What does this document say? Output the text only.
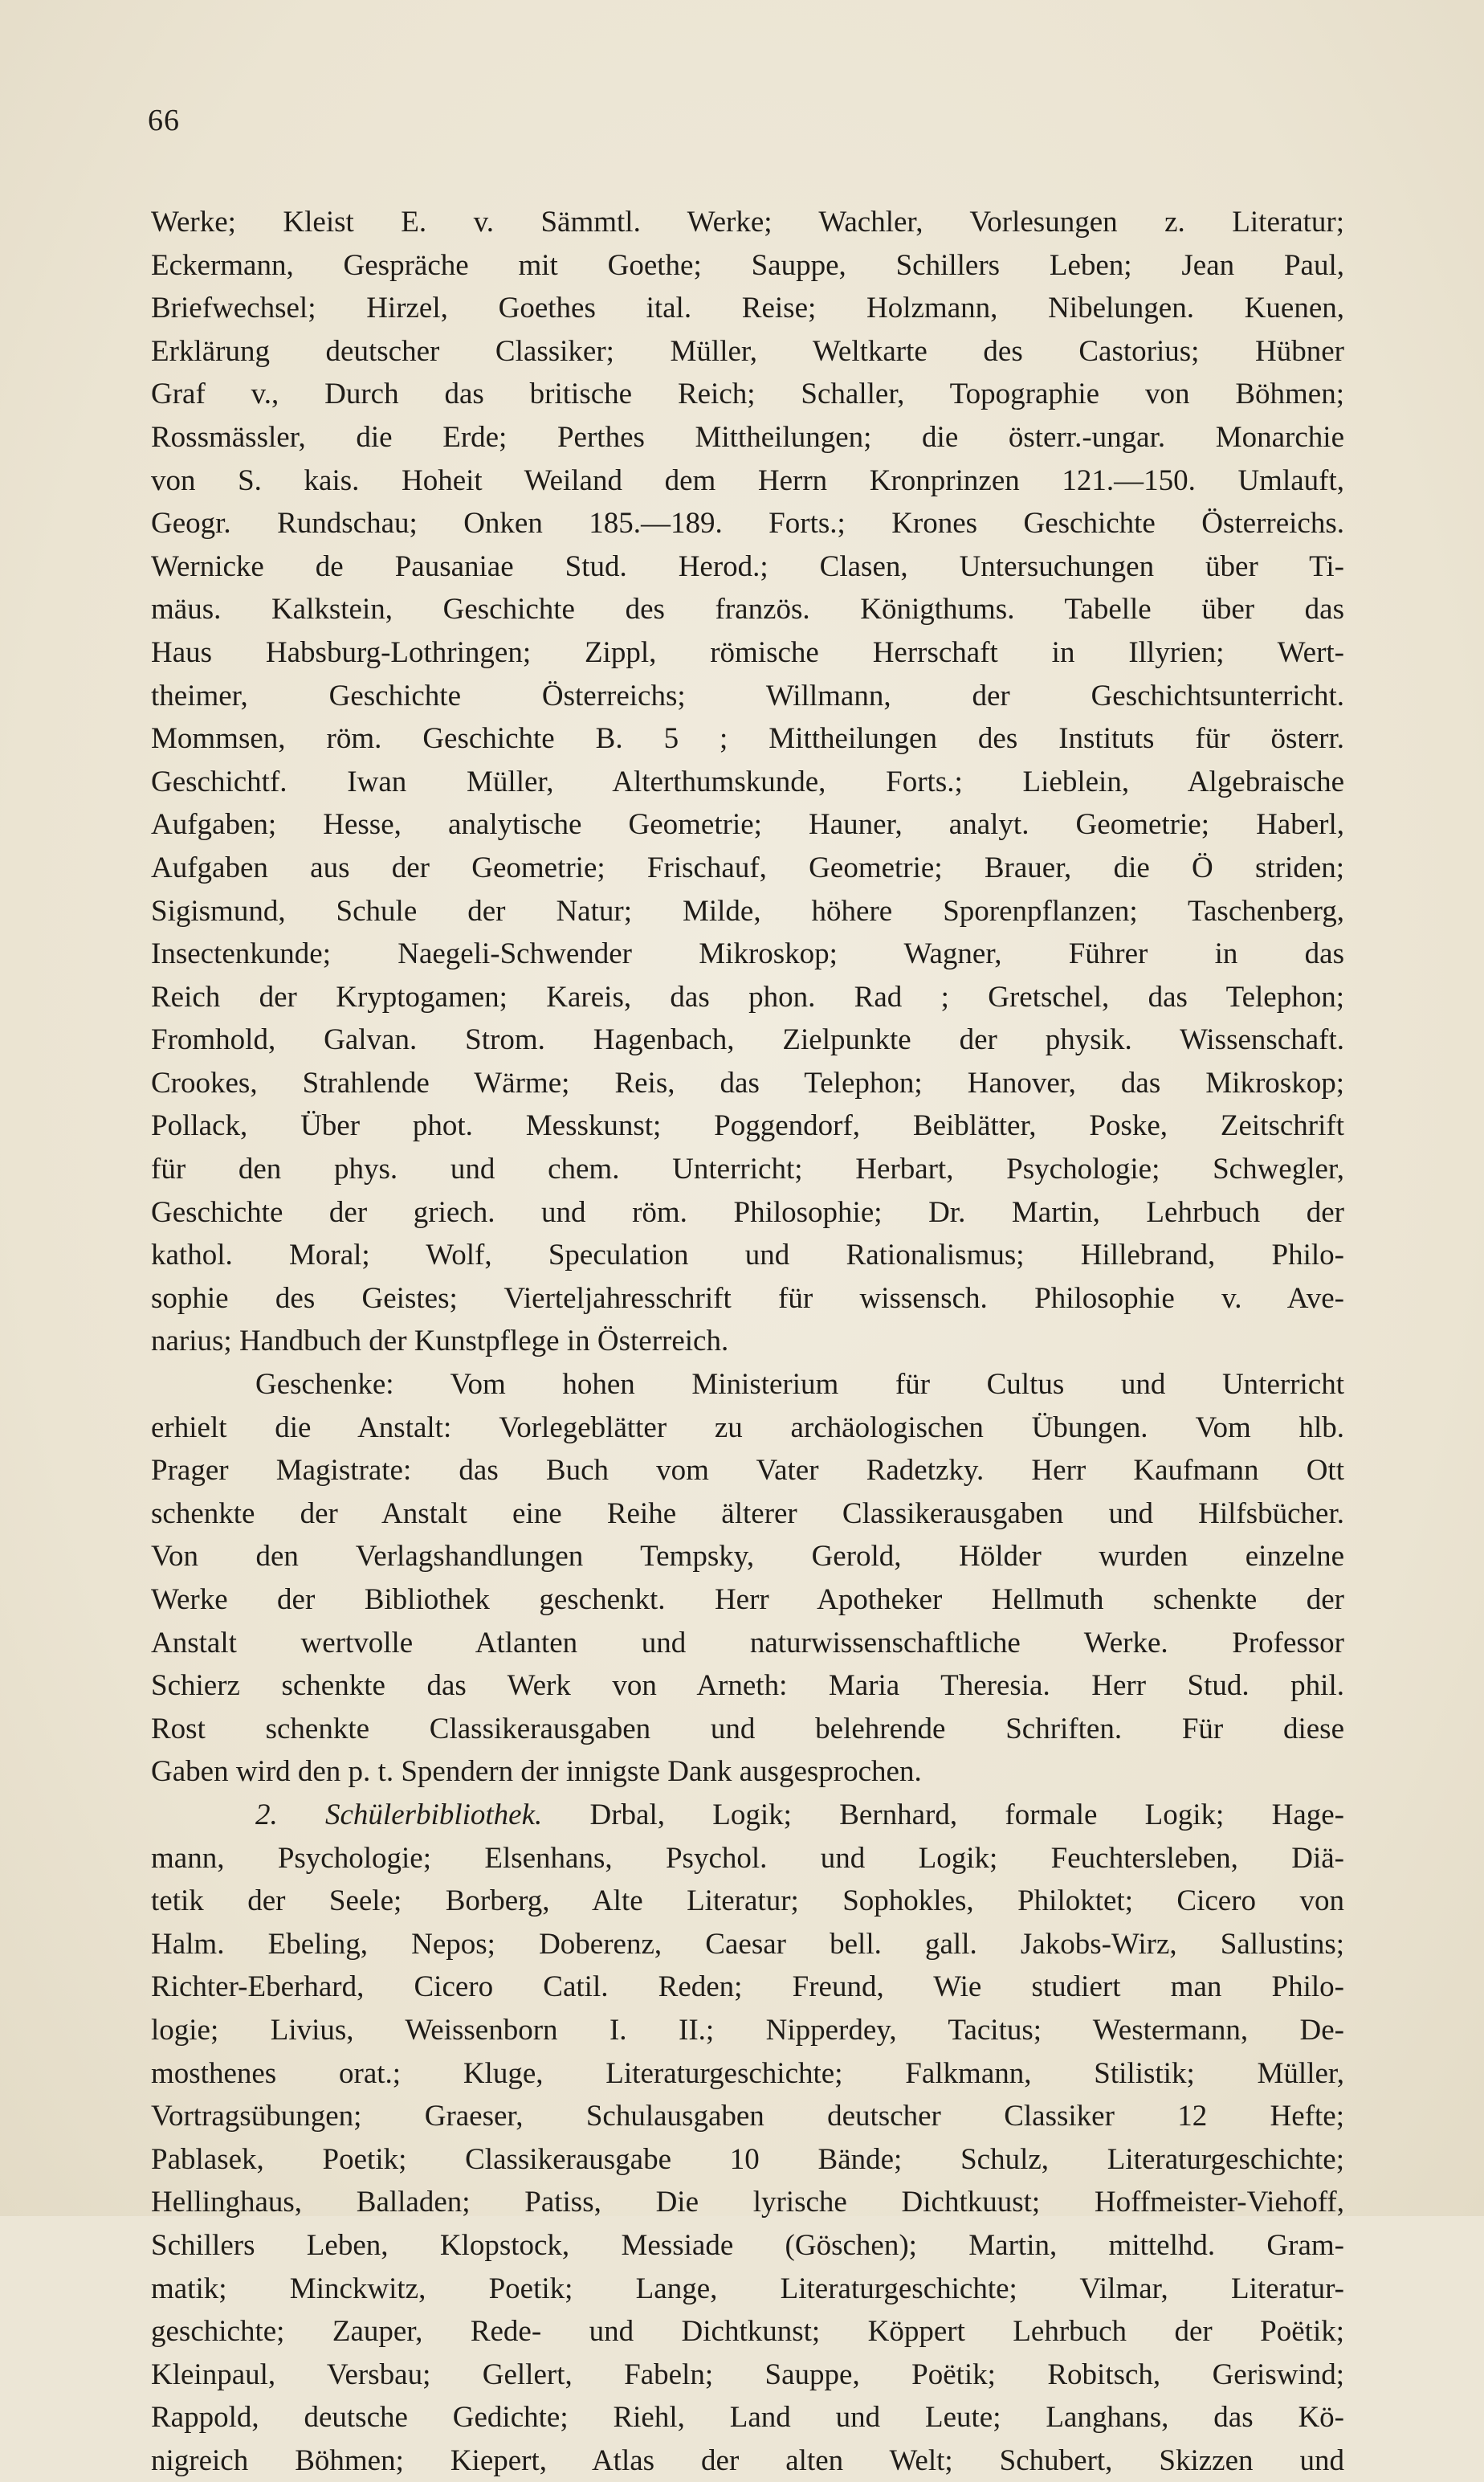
66

Werke; Kleist E. v. Sämmtl. Werke; Wachler, Vorlesungen z. Literatur;

Eckermann, Gespräche mit Goethe; Sauppe, Schillers Leben; Jean Paul,

Briefwechsel; Hirzel, Goethes ital. Reise; Holzmann, Nibelungen. Kuenen,

Erklärung deutscher Classiker; Müller, Weltkarte des Castorius; Hübner

Graf v., Durch das britische Reich; Schaller, Topographie von Böhmen;

Rossmässler, die Erde; Perthes Mittheilungen; die österr.-ungar. Monarchie

von S. kais. Hoheit Weiland dem Herrn Kronprinzen 121.—150. Umlauft,

Geogr. Rundschau; Onken 185.—189. Forts.; Krones Geschichte Österreichs.

Wernicke de Pausaniae Stud. Herod.; Clasen, Untersuchungen über Ti-

mäus. Kalkstein, Geschichte des französ. Königthums. Tabelle über das

Haus Habsburg-Lothringen; Zippl, römische Herrschaft in Illyrien; Wert-

theimer, Geschichte Österreichs; Willmann, der Geschichtsunterricht.

Mommsen, röm. Geschichte B. 5 ; Mittheilungen des Instituts für österr.

Geschichtf. Iwan Müller, Alterthumskunde, Forts.; Lieblein, Algebraische

Aufgaben; Hesse, analytische Geometrie; Hauner, analyt. Geometrie; Haberl,

Aufgaben aus der Geometrie; Frischauf, Geometrie; Brauer, die Ö striden;

Sigismund, Schule der Natur; Milde, höhere Sporenpflanzen; Taschenberg,

Insectenkunde; Naegeli-Schwender Mikroskop; Wagner, Führer in das

Reich der Kryptogamen; Kareis, das phon. Rad ; Gretschel, das Telephon;

Fromhold, Galvan. Strom. Hagenbach, Zielpunkte der physik. Wissenschaft.

Crookes, Strahlende Wärme; Reis, das Telephon; Hanover, das Mikroskop;

Pollack, Über phot. Messkunst; Poggendorf, Beiblätter, Poske, Zeitschrift

für den phys. und chem. Unterricht; Herbart, Psychologie; Schwegler,

Geschichte der griech. und röm. Philosophie; Dr. Martin, Lehrbuch der

kathol. Moral; Wolf, Speculation und Rationalismus; Hillebrand, Philo-

sophie des Geistes; Vierteljahresschrift für wissensch. Philosophie v. Ave-

narius; Handbuch der Kunstpflege in Österreich.

Geschenke: Vom hohen Ministerium für Cultus und Unterricht

erhielt die Anstalt: Vorlegeblätter zu archäologischen Übungen. Vom hlb.

Prager Magistrate: das Buch vom Vater Radetzky. Herr Kaufmann Ott

schenkte der Anstalt eine Reihe älterer Classikerausgaben und Hilfsbücher.

Von den Verlagshandlungen Tempsky, Gerold, Hölder wurden einzelne

Werke der Bibliothek geschenkt. Herr Apotheker Hellmuth schenkte der

Anstalt wertvolle Atlanten und naturwissenschaftliche Werke. Professor

Schierz schenkte das Werk von Arneth: Maria Theresia. Herr Stud. phil.

Rost schenkte Classikerausgaben und belehrende Schriften. Für diese

Gaben wird den p. t. Spendern der innigste Dank ausgesprochen.

2. Schülerbibliothek. Drbal, Logik; Bernhard, formale Logik; Hage-

mann, Psychologie; Elsenhans, Psychol. und Logik; Feuchtersleben, Diä-

tetik der Seele; Borberg, Alte Literatur; Sophokles, Philoktet; Cicero von

Halm. Ebeling, Nepos; Doberenz, Caesar bell. gall. Jakobs-Wirz, Sallustins;

Richter-Eberhard, Cicero Catil. Reden; Freund, Wie studiert man Philo-

logie; Livius, Weissenborn I. II.; Nipperdey, Tacitus; Westermann, De-

mosthenes orat.; Kluge, Literaturgeschichte; Falkmann, Stilistik; Müller,

Vortragsübungen; Graeser, Schulausgaben deutscher Classiker 12 Hefte;

Pablasek, Poetik; Classikerausgabe 10 Bände; Schulz, Literaturgeschichte;

Hellinghaus, Balladen; Patiss, Die lyrische Dichtkuust; Hoffmeister-Viehoff,

Schillers Leben, Klopstock, Messiade (Göschen); Martin, mittelhd. Gram-

matik; Minckwitz, Poetik; Lange, Literaturgeschichte; Vilmar, Literatur-

geschichte; Zauper, Rede- und Dichtkunst; Köppert Lehrbuch der Poëtik;

Kleinpaul, Versbau; Gellert, Fabeln; Sauppe, Poëtik; Robitsch, Geriswind;

Rappold, deutsche Gedichte; Riehl, Land und Leute; Langhans, das Kö-

nigreich Böhmen; Kiepert, Atlas der alten Welt; Schubert, Skizzen und
